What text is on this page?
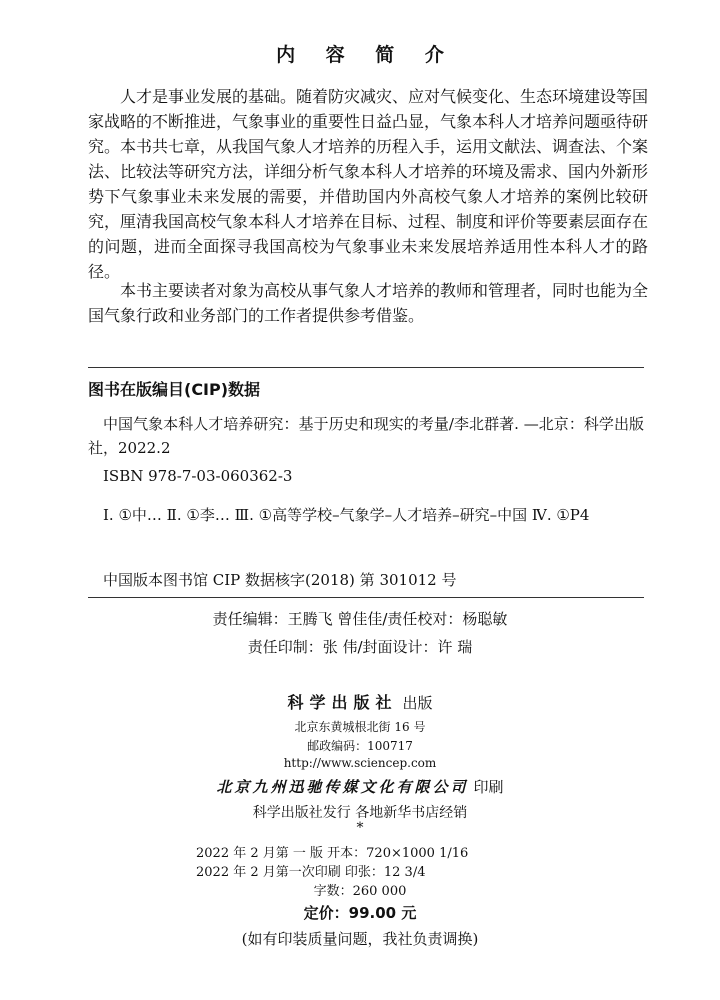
内 容 简 介

人才是事业发展的基础。随着防灾减灾、应对气候变化、生态环境建设等国家战略的不断推进，气象事业的重要性日益凸显，气象本科人才培养问题亟待研究。本书共七章，从我国气象人才培养的历程入手，运用文献法、调查法、个案法、比较法等研究方法，详细分析气象本科人才培养的环境及需求、国内外新形势下气象事业未来发展的需要，并借助国内外高校气象人才培养的案例比较研究，厘清我国高校气象本科人才培养在目标、过程、制度和评价等要素层面存在的问题，进而全面探寻我国高校为气象事业未来发展培养适用性本科人才的路径。

本书主要读者对象为高校从事气象人才培养的教师和管理者，同时也能为全国气象行政和业务部门的工作者提供参考借鉴。

图书在版编目(CIP)数据

中国气象本科人才培养研究：基于历史和现实的考量/李北群著. —北京：科学出版社，2022.2

ISBN 978-7-03-060362-3

Ⅰ. ①中… Ⅱ. ①李… Ⅲ. ①高等学校–气象学–人才培养–研究–中国 Ⅳ. ①P4

中国版本图书馆 CIP 数据核字(2018) 第 301012 号
责任编辑：王腾飞 曾佳佳/责任校对：杨聪敏
责任印制：张 伟/封面设计：许 瑞
科学出版社 出版
北京东黄城根北街 16 号
邮政编码：100717
http://www.sciencep.com
北京九州迅驰传媒文化有限公司 印刷
科学出版社发行 各地新华书店经销
*
2022 年 2 月第 一 版 开本：720×1000 1/16
2022 年 2 月第一次印刷 印张：12 3/4
字数：260 000
定价：99.00 元
(如有印装质量问题，我社负责调换)
